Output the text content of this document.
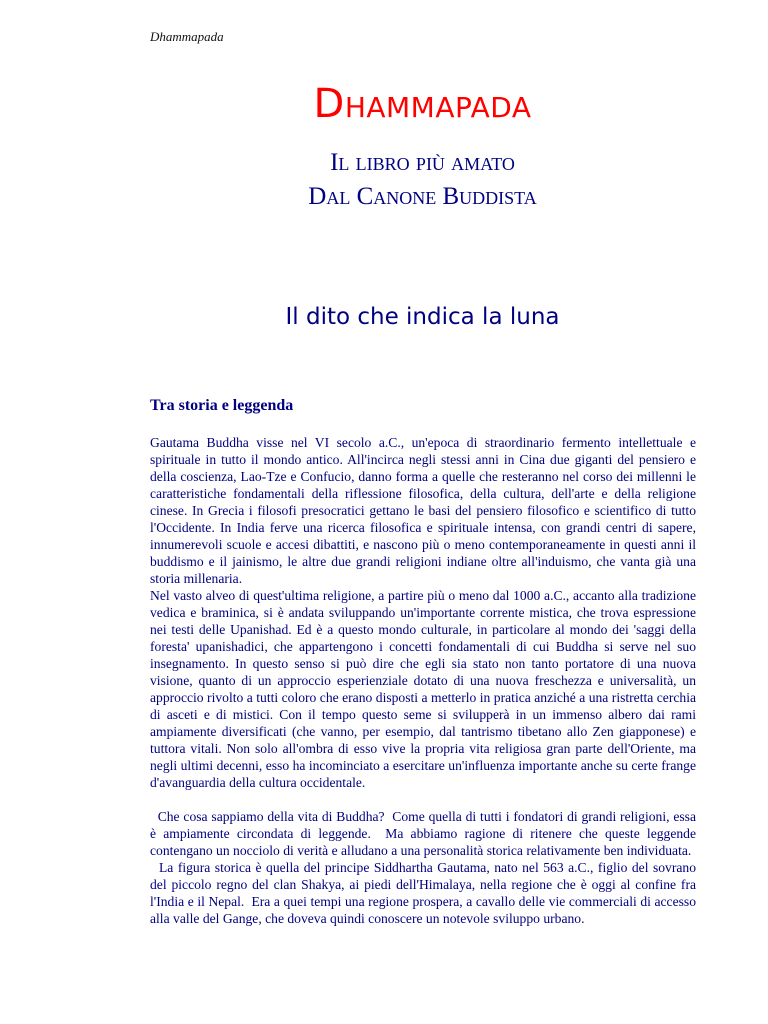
Dhammapada

Dhammapada

Il libro più amato

Dal Canone Buddista

Il dito che indica la luna

Tra storia e leggenda

Gautama Buddha visse nel VI secolo a.C., un'epoca di straordinario fermento intellettuale e spirituale in tutto il mondo antico. All'incirca negli stessi anni in Cina due giganti del pensiero e della coscienza, Lao-Tze e Confucio, danno forma a quelle che resteranno nel corso dei millenni le caratteristiche fondamentali della riflessione filosofica, della cultura, dell'arte e della religione cinese. In Grecia i filosofi presocratici gettano le basi del pensiero filosofico e scientifico di tutto l'Occidente. In India ferve una ricerca filosofica e spirituale intensa, con grandi centri di sapere, innumerevoli scuole e accesi dibattiti, e nascono più o meno contemporaneamente in questi anni il buddismo e il jainismo, le altre due grandi religioni indiane oltre all'induismo, che vanta già una storia millenaria.

Nel vasto alveo di quest'ultima religione, a partire più o meno dal 1000 a.C., accanto alla tradizione vedica e braminica, si è andata sviluppando un'importante corrente mistica, che trova espressione nei testi delle Upanishad. Ed è a questo mondo culturale, in particolare al mondo dei 'saggi della foresta' upanishadici, che appartengono i concetti fondamentali di cui Buddha si serve nel suo insegnamento. In questo senso si può dire che egli sia stato non tanto portatore di una nuova visione, quanto di un approccio esperienziale dotato di una nuova freschezza e universalità, un approccio rivolto a tutti coloro che erano disposti a metterlo in pratica anziché a una ristretta cerchia di asceti e di mistici. Con il tempo questo seme si svilupperà in un immenso albero dai rami ampiamente diversificati (che vanno, per esempio, dal tantrismo tibetano allo Zen giapponese) e tuttora vitali. Non solo all'ombra di esso vive la propria vita religiosa gran parte dell'Oriente, ma negli ultimi decenni, esso ha incominciato a esercitare un'influenza importante anche su certe frange d'avanguardia della cultura occidentale.

Che cosa sappiamo della vita di Buddha?  Come quella di tutti i fondatori di grandi religioni, essa è ampiamente circondata di leggende.  Ma abbiamo ragione di ritenere che queste leggende contengano un nocciolo di verità e alludano a una personalità storica relativamente ben individuata.

La figura storica è quella del principe Siddhartha Gautama, nato nel 563 a.C., figlio del sovrano del piccolo regno del clan Shakya, ai piedi dell'Himalaya, nella regione che è oggi al confine fra l'India e il Nepal.  Era a quei tempi una regione prospera, a cavallo delle vie commerciali di accesso alla valle del Gange, che doveva quindi conoscere un notevole sviluppo urbano.
